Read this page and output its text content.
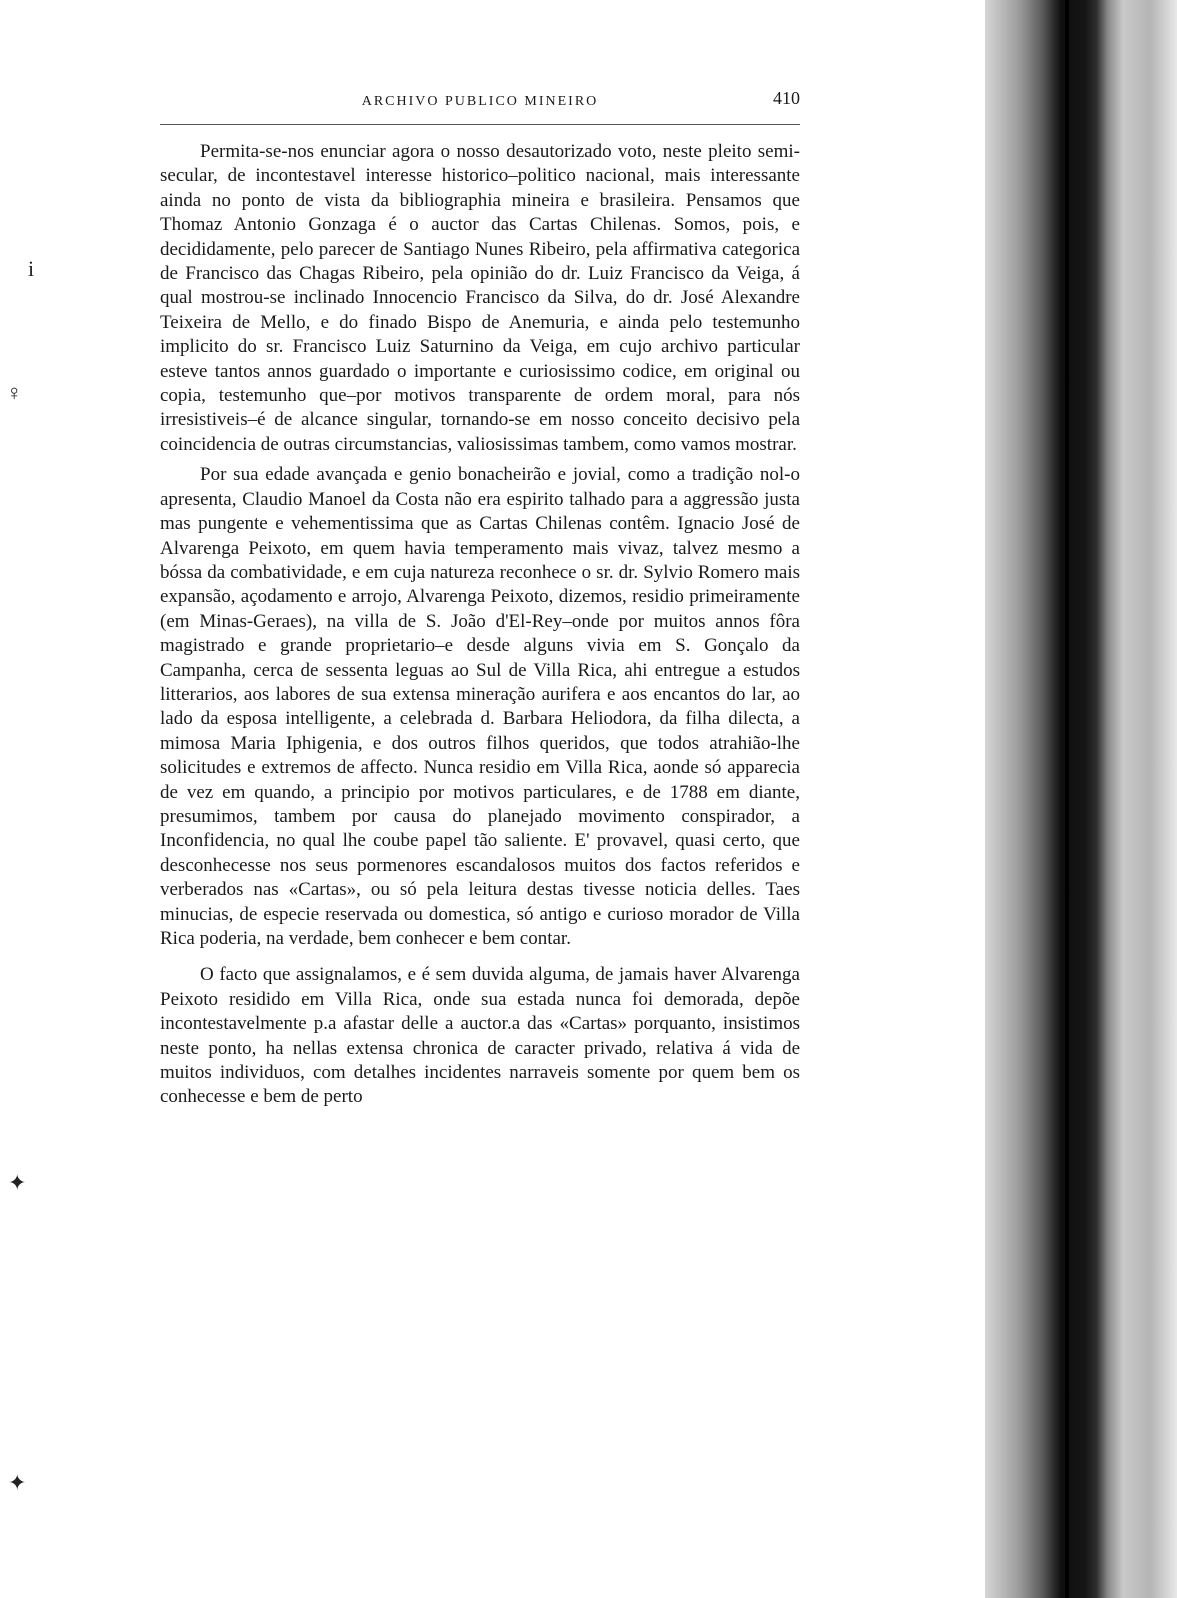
ARCHIVO PUBLICO MINEIRO	410

Permita-se-nos enunciar agora o nosso desautorizado voto, neste pleito semi-secular, de incontestavel interesse historico–politico nacional, mais interessante ainda no ponto de vista da bibliographia mineira e brasileira. Pensamos que Thomaz Antonio Gonzaga é o auctor das Cartas Chilenas. Somos, pois, e decididamente, pelo parecer de Santiago Nunes Ribeiro, pela affirmativa categorica de Francisco das Chagas Ribeiro, pela opinião do dr. Luiz Francisco da Veiga, á qual mostrou-se inclinado Innocencio Francisco da Silva, do dr. José Alexandre Teixeira de Mello, e do finado Bispo de Anemuria, e ainda pelo testemunho implicito do sr. Francisco Luiz Saturnino da Veiga, em cujo archivo particular esteve tantos annos guardado o importante e curiosissimo codice, em original ou copia, testemunho que–por motivos transparente de ordem moral, para nós irresistiveis–é de alcance singular, tornando-se em nosso conceito decisivo pela coincidencia de outras circumstancias, valiosissimas tambem, como vamos mostrar.

Por sua edade avançada e genio bonacheirão e jovial, como a tradição nol-o apresenta, Claudio Manoel da Costa não era espirito talhado para a aggressão justa mas pungente e vehementissima que as Cartas Chilenas contêm. Ignacio José de Alvarenga Peixoto, em quem havia temperamento mais vivaz, talvez mesmo a bóssa da combatividade, e em cuja natureza reconhece o sr. dr. Sylvio Romero mais expansão, açodamento e arrojo, Alvarenga Peixoto, dizemos, residio primeiramente (em Minas-Geraes), na villa de S. João d'El-Rey–onde por muitos annos fôra magistrado e grande proprietario–e desde alguns vivia em S. Gonçalo da Campanha, cerca de sessenta leguas ao Sul de Villa Rica, ahi entregue a estudos litterarios, aos labores de sua extensa mineração aurifera e aos encantos do lar, ao lado da esposa intelligente, a celebrada d. Barbara Heliodora, da filha dilecta, a mimosa Maria Iphigenia, e dos outros filhos queridos, que todos atrahião-lhe solicitudes e extremos de affecto. Nunca residio em Villa Rica, aonde só apparecia de vez em quando, a principio por motivos particulares, e de 1788 em diante, presumimos, tambem por causa do planejado movimento conspirador, a Inconfidencia, no qual lhe coube papel tão saliente. E' provavel, quasi certo, que desconhecesse nos seus pormenores escandalosos muitos dos factos referidos e verberados nas «Cartas», ou só pela leitura destas tivesse noticia delles. Taes minucias, de especie reservada ou domestica, só antigo e curioso morador de Villa Rica poderia, na verdade, bem conhecer e bem contar.

O facto que assignalamos, e é sem duvida alguma, de jamais haver Alvarenga Peixoto residido em Villa Rica, onde sua estada nunca foi demorada, depõe incontestavelmente p.a afastar delle a auctor.a das «Cartas» porquanto, insistimos neste ponto, ha nellas extensa chronica de caracter privado, relativa á vida de muitos individuos, com detalhes incidentes narraveis somente por quem bem os conhecesse e bem de perto

i
♀
✦
✦
